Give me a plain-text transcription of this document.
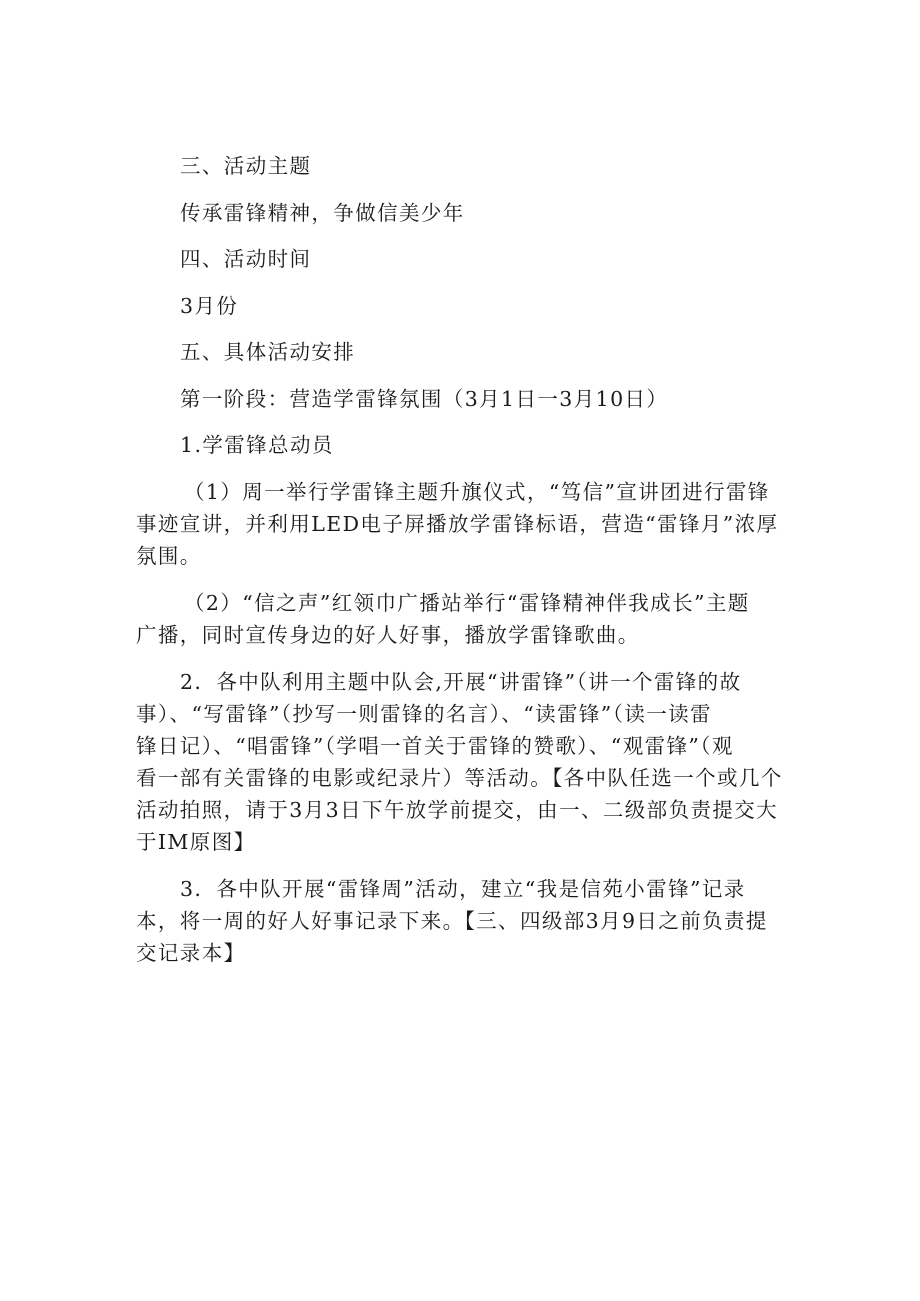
三、活动主题
传承雷锋精神，争做信美少年
四、活动时间
3月份
五、具体活动安排
第一阶段：营造学雷锋氛围（3月1日一3月10日）
1.学雷锋总动员
（1）周一举行学雷锋主题升旗仪式，“笃信”宣讲团进行雷锋
事迹宣讲，并利用LED电子屏播放学雷锋标语，营造“雷锋月”浓厚
氛围。
（2）“信之声”红领巾广播站举行“雷锋精神伴我成长”主题
广播，同时宣传身边的好人好事，播放学雷锋歌曲。
2．各中队利用主题中队会,开展“讲雷锋”（讲一个雷锋的故
事）、“写雷锋”（抄写一则雷锋的名言）、“读雷锋”（读一读雷
锋日记）、“唱雷锋”（学唱一首关于雷锋的赞歌）、“观雷锋”（观
看一部有关雷锋的电影或纪录片）等活动。【各中队任选一个或几个
活动拍照，请于3月3日下午放学前提交，由一、二级部负责提交大
于IM原图】
3．各中队开展“雷锋周”活动，建立“我是信苑小雷锋”记录
本，将一周的好人好事记录下来。【三、四级部3月9日之前负责提
交记录本】
